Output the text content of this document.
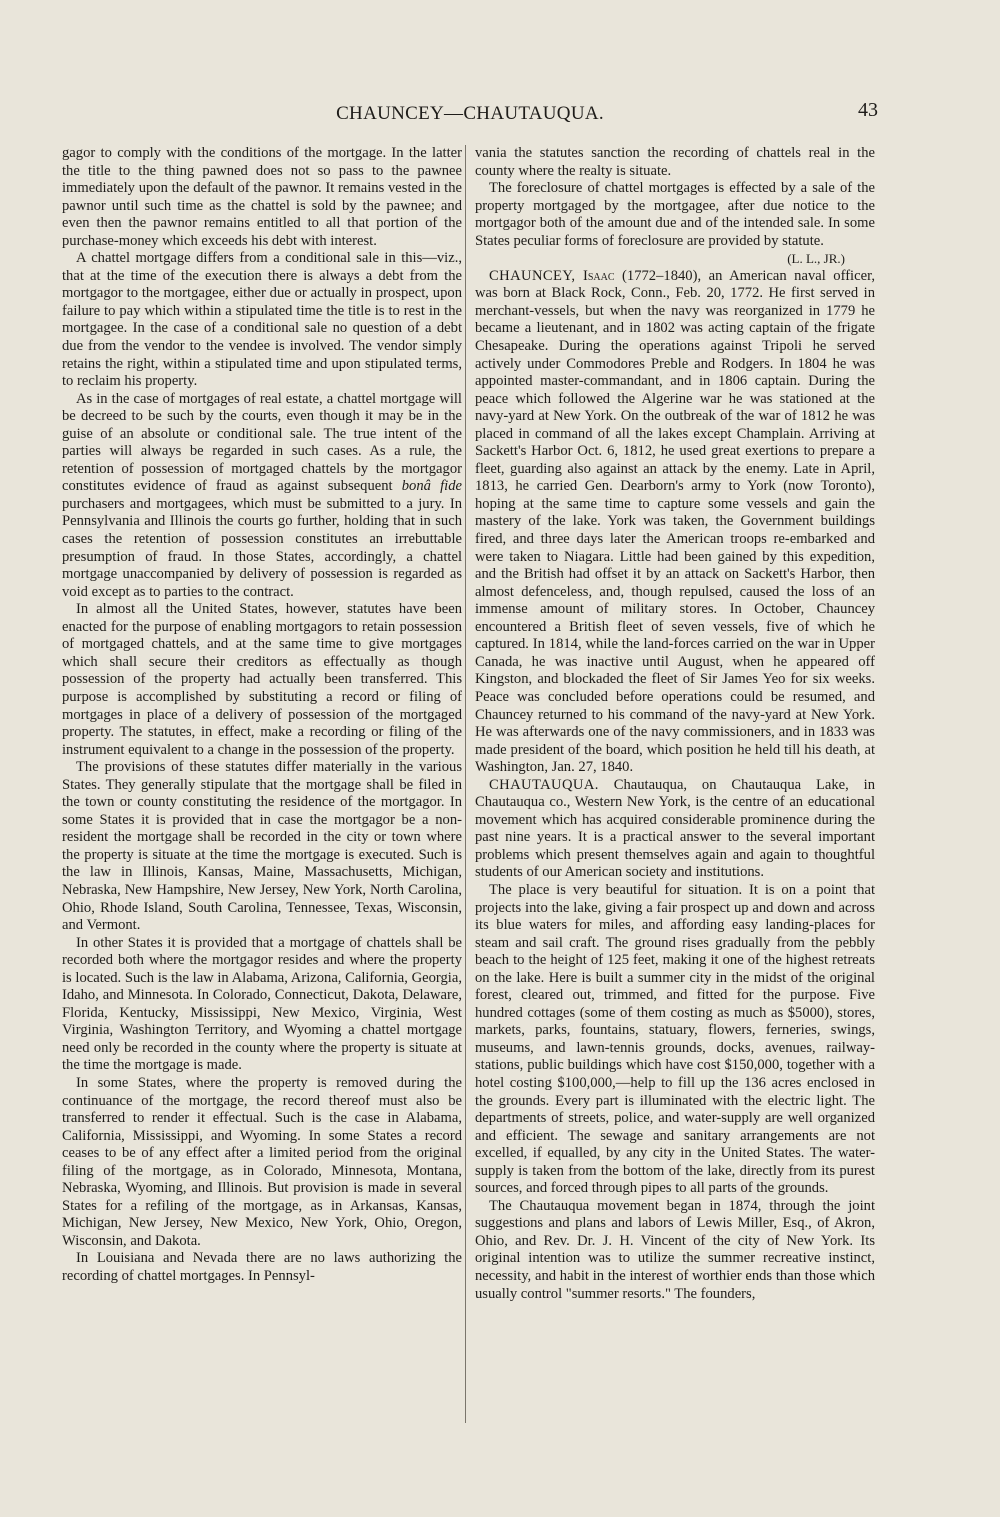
CHAUNCEY—CHAUTAUQUA.	43

gagor to comply with the conditions of the mortgage. In the latter the title to the thing pawned does not so pass to the pawnee immediately upon the default of the pawnor. It remains vested in the pawnor until such time as the chattel is sold by the pawnee; and even then the pawnor remains entitled to all that portion of the purchase-money which exceeds his debt with interest.

A chattel mortgage differs from a conditional sale in this—viz., that at the time of the execution there is always a debt from the mortgagor to the mortgagee, either due or actually in prospect, upon failure to pay which within a stipulated time the title is to rest in the mortgagee. In the case of a conditional sale no question of a debt due from the vendor to the vendee is involved. The vendor simply retains the right, within a stipulated time and upon stipulated terms, to reclaim his property.

As in the case of mortgages of real estate, a chattel mortgage will be decreed to be such by the courts, even though it may be in the guise of an absolute or conditional sale. The true intent of the parties will always be regarded in such cases. As a rule, the retention of possession of mortgaged chattels by the mortgagor constitutes evidence of fraud as against subsequent bonâ fide purchasers and mortgagees, which must be submitted to a jury. In Pennsylvania and Illinois the courts go further, holding that in such cases the retention of possession constitutes an irrebuttable presumption of fraud. In those States, accordingly, a chattel mortgage unaccompanied by delivery of possession is regarded as void except as to parties to the contract.

In almost all the United States, however, statutes have been enacted for the purpose of enabling mortgagors to retain possession of mortgaged chattels, and at the same time to give mortgages which shall secure their creditors as effectually as though possession of the property had actually been transferred. This purpose is accomplished by substituting a record or filing of mortgages in place of a delivery of possession of the mortgaged property. The statutes, in effect, make a recording or filing of the instrument equivalent to a change in the possession of the property.

The provisions of these statutes differ materially in the various States. They generally stipulate that the mortgage shall be filed in the town or county constituting the residence of the mortgagor. In some States it is provided that in case the mortgagor be a non-resident the mortgage shall be recorded in the city or town where the property is situate at the time the mortgage is executed. Such is the law in Illinois, Kansas, Maine, Massachusetts, Michigan, Nebraska, New Hampshire, New Jersey, New York, North Carolina, Ohio, Rhode Island, South Carolina, Tennessee, Texas, Wisconsin, and Vermont.

In other States it is provided that a mortgage of chattels shall be recorded both where the mortgagor resides and where the property is located. Such is the law in Alabama, Arizona, California, Georgia, Idaho, and Minnesota. In Colorado, Connecticut, Dakota, Delaware, Florida, Kentucky, Mississippi, New Mexico, Virginia, West Virginia, Washington Territory, and Wyoming a chattel mortgage need only be recorded in the county where the property is situate at the time the mortgage is made.

In some States, where the property is removed during the continuance of the mortgage, the record thereof must also be transferred to render it effectual. Such is the case in Alabama, California, Mississippi, and Wyoming. In some States a record ceases to be of any effect after a limited period from the original filing of the mortgage, as in Colorado, Minnesota, Montana, Nebraska, Wyoming, and Illinois. But provision is made in several States for a refiling of the mortgage, as in Arkansas, Kansas, Michigan, New Jersey, New Mexico, New York, Ohio, Oregon, Wisconsin, and Dakota.

In Louisiana and Nevada there are no laws authorizing the recording of chattel mortgages. In Pennsyl-

vania the statutes sanction the recording of chattels real in the county where the realty is situate.

The foreclosure of chattel mortgages is effected by a sale of the property mortgaged by the mortgagee, after due notice to the mortgagor both of the amount due and of the intended sale. In some States peculiar forms of foreclosure are provided by statute.

(L. L., JR.)

CHAUNCEY, Isaac (1772–1840), an American naval officer, was born at Black Rock, Conn., Feb. 20, 1772. He first served in merchant-vessels, but when the navy was reorganized in 1779 he became a lieutenant, and in 1802 was acting captain of the frigate Chesapeake. During the operations against Tripoli he served actively under Commodores Preble and Rodgers. In 1804 he was appointed master-commandant, and in 1806 captain. During the peace which followed the Algerine war he was stationed at the navy-yard at New York. On the outbreak of the war of 1812 he was placed in command of all the lakes except Champlain. Arriving at Sackett's Harbor Oct. 6, 1812, he used great exertions to prepare a fleet, guarding also against an attack by the enemy. Late in April, 1813, he carried Gen. Dearborn's army to York (now Toronto), hoping at the same time to capture some vessels and gain the mastery of the lake. York was taken, the Government buildings fired, and three days later the American troops re-embarked and were taken to Niagara. Little had been gained by this expedition, and the British had offset it by an attack on Sackett's Harbor, then almost defenceless, and, though repulsed, caused the loss of an immense amount of military stores. In October, Chauncey encountered a British fleet of seven vessels, five of which he captured. In 1814, while the land-forces carried on the war in Upper Canada, he was inactive until August, when he appeared off Kingston, and blockaded the fleet of Sir James Yeo for six weeks. Peace was concluded before operations could be resumed, and Chauncey returned to his command of the navy-yard at New York. He was afterwards one of the navy commissioners, and in 1833 was made president of the board, which position he held till his death, at Washington, Jan. 27, 1840.

CHAUTAUQUA. Chautauqua, on Chautauqua Lake, in Chautauqua co., Western New York, is the centre of an educational movement which has acquired considerable prominence during the past nine years. It is a practical answer to the several important problems which present themselves again and again to thoughtful students of our American society and institutions.

The place is very beautiful for situation. It is on a point that projects into the lake, giving a fair prospect up and down and across its blue waters for miles, and affording easy landing-places for steam and sail craft. The ground rises gradually from the pebbly beach to the height of 125 feet, making it one of the highest retreats on the lake. Here is built a summer city in the midst of the original forest, cleared out, trimmed, and fitted for the purpose. Five hundred cottages (some of them costing as much as $5000), stores, markets, parks, fountains, statuary, flowers, ferneries, swings, museums, and lawn-tennis grounds, docks, avenues, railway-stations, public buildings which have cost $150,000, together with a hotel costing $100,000,—help to fill up the 136 acres enclosed in the grounds. Every part is illuminated with the electric light. The departments of streets, police, and water-supply are well organized and efficient. The sewage and sanitary arrangements are not excelled, if equalled, by any city in the United States. The water-supply is taken from the bottom of the lake, directly from its purest sources, and forced through pipes to all parts of the grounds.

The Chautauqua movement began in 1874, through the joint suggestions and plans and labors of Lewis Miller, Esq., of Akron, Ohio, and Rev. Dr. J. H. Vincent of the city of New York. Its original intention was to utilize the summer recreative instinct, necessity, and habit in the interest of worthier ends than those which usually control "summer resorts." The founders,
